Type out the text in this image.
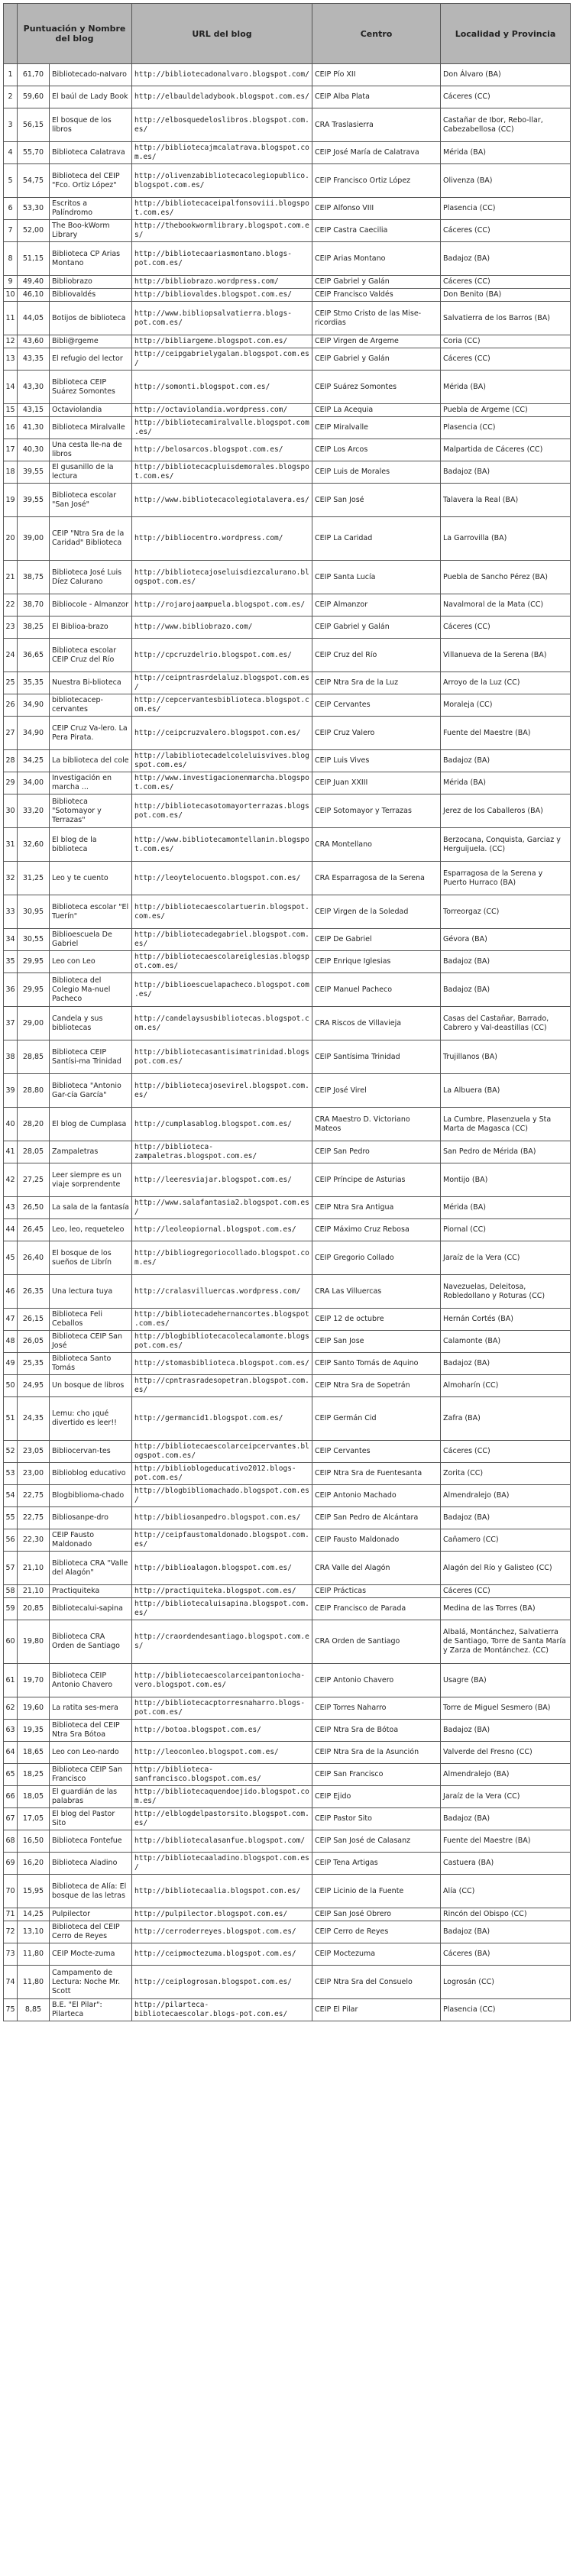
	Puntuación y Nombre del blog		URL del blog	Centro	Localidad y Provincia
1	61,70	Bibliotecado-naIvaro	http://bibliotecadonalvaro.blogspot.com/	CEIP Pío XII	Don Álvaro (BA)
2	59,60	El baúl de Lady Book	http://elbauldeladybook.blogspot.com.es/	CEIP Alba Plata	Cáceres (CC)
3	56,15	El bosque de los libros	http://elbosquedeloslibros.blogspot.com.es/	CRA Traslasierra	Castañar de Ibor, Rebo-llar, Cabezabellosa (CC)
4	55,70	Biblioteca Calatrava	http://bibliotecajmcalatrava.blogspot.com.es/	CEIP José María de Calatrava	Mérida (BA)
5	54,75	Biblioteca del CEIP "Fco. Ortiz López"	http://olivenzabibliotecacolegiopublico.blogspot.com.es/	CEIP Francisco Ortiz López	Olivenza (BA)
6	53,30	Escritos a Palíndromo	http://bibliotecaceipalfonsoviii.blogspot.com.es/	CEIP Alfonso VIII	Plasencia (CC)
7	52,00	The Boo-kWorm Library	http://thebookwormlibrary.blogspot.com.es/	CEIP Castra Caecilia	Cáceres (CC)
8	51,15	Biblioteca CP Arias Montano	http://bibliotecaariasmontano.blogs-pot.com.es/	CEIP Arias Montano	Badajoz (BA)
9	49,40	Bibliobrazo	http://bibliobrazo.wordpress.com/	CEIP Gabriel y Galán	Cáceres (CC)
10	46,10	Bibliovaldés	http://bibliovaldes.blogspot.com.es/	CEIP Francisco Valdés	Don Benito (BA)
11	44,05	Botijos de biblioteca	http://www.bibliopsalvatierra.blogs-pot.com.es/	CEIP Stmo Cristo de las Mise-ricordias	Salvatierra de los Barros (BA)
12	43,60	Bibli@rgeme	http://bibliargeme.blogspot.com.es/	CEIP Virgen de Argeme	Coria (CC)
13	43,35	El refugio del lector	http://ceipgabrielygalan.blogspot.com.es/	CEIP Gabriel y Galán	Cáceres (CC)
14	43,30	Biblioteca CEIP Suárez Somontes	http://somonti.blogspot.com.es/	CEIP Suárez Somontes	Mérida (BA)
15	43,15	Octaviolandia	http://octaviolandia.wordpress.com/	CEIP La Acequia	Puebla de Argeme (CC)
16	41,30	Biblioteca Miralvalle	http://bibliotecamiralvalle.blogspot.com.es/	CEIP Miralvalle	Plasencia (CC)
17	40,30	Una cesta lle-na de libros	http://belosarcos.blogspot.com.es/	CEIP Los Arcos	Malpartida de Cáceres (CC)
18	39,55	El gusanillo de la lectura	http://bibliotecacpluisdemorales.blogspot.com.es/	CEIP Luis de Morales	Badajoz (BA)
19	39,55	Biblioteca escolar "San José"	http://www.bibliotecacolegiotalavera.es/	CEIP San José	Talavera la Real (BA)
20	39,00	CEIP "Ntra Sra de la Caridad" Biblioteca	http://bibliocentro.wordpress.com/	CEIP La Caridad	La Garrovilla (BA)
21	38,75	Biblioteca José Luis Díez Calurano	http://bibliotecajoseluisdiezcalurano.blogspot.com.es/	CEIP Santa Lucía	Puebla de Sancho Pérez (BA)
22	38,70	Bibliocole - Almanzor	http://rojarojaampuela.blogspot.com.es/	CEIP Almanzor	Navalmoral de la Mata (CC)
23	38,25	El Biblioa-brazo	http://www.bibliobrazo.com/	CEIP Gabriel y Galán	Cáceres (CC)
24	36,65	Biblioteca escolar CEIP Cruz del Río	http://cpcruzdelrio.blogspot.com.es/	CEIP Cruz del Río	Villanueva de la Serena (BA)
25	35,35	Nuestra Bi-blioteca	http://ceipntrasrdelaluz.blogspot.com.es/	CEIP Ntra Sra de la Luz	Arroyo de la Luz (CC)
26	34,90	bibliotecacep-cervantes	http://cepcervantesbiblioteca.blogspot.com.es/	CEIP Cervantes	Moraleja (CC)
27	34,90	CEIP Cruz Va-lero. La Pera Pirata.	http://ceipcruzvalero.blogspot.com.es/	CEIP Cruz Valero	Fuente del Maestre (BA)
28	34,25	La biblioteca del cole	http://labibliotecadelcoleluisvives.blogspot.com.es/	CEIP Luis Vives	Badajoz (BA)
29	34,00	Investigación en marcha ...	http://www.investigacionenmarcha.blogspot.com.es/	CEIP Juan XXIII	Mérida (BA)
30	33,20	Biblioteca "Sotomayor y Terrazas"	http://bibliotecasotomayorterrazas.blogspot.com.es/	CEIP Sotomayor y Terrazas	Jerez de los Caballeros (BA)
31	32,60	El blog de la biblioteca	http://www.bibliotecamontellanin.blogspot.com.es/	CRA Montellano	Berzocana, Conquista, Garciaz y Herguijuela. (CC)
32	31,25	Leo y te cuento	http://leoytelocuento.blogspot.com.es/	CRA Esparragosa de la Serena	Esparragosa de la Serena y Puerto Hurraco (BA)
33	30,95	Biblioteca escolar "El Tuerín"	http://bibliotecaescolartuerin.blogspot.com.es/	CEIP Virgen de la Soledad	Torreorgaz (CC)
34	30,55	Biblioescuela De Gabriel	http://bibliotecadegabriel.blogspot.com.es/	CEIP De Gabriel	Gévora (BA)
35	29,95	Leo con Leo	http://bibliotecaescolareiglesias.blogspot.com.es/	CEIP Enrique Iglesias	Badajoz (BA)
36	29,95	Biblioteca del Colegio Ma-nuel Pacheco	http://biblioescuelapacheco.blogspot.com.es/	CEIP Manuel Pacheco	Badajoz (BA)
37	29,00	Candela y sus bibliotecas	http://candelaysusbibliotecas.blogspot.com.es/	CRA Riscos de Villavieja	Casas del Castañar, Barrado, Cabrero y Val-deastillas (CC)
38	28,85	Biblioteca CEIP Santísi-ma Trinidad	http://bibliotecasantisimatrinidad.blogspot.com.es/	CEIP Santísima Trinidad	Trujillanos (BA)
39	28,80	Biblioteca "Antonio Gar-cía García"	http://bibliotecajosevirel.blogspot.com.es/	CEIP José Virel	La Albuera (BA)
40	28,20	El blog de Cumplasa	http://cumplasablog.blogspot.com.es/	CRA Maestro D. Victoriano Mateos	La Cumbre, Plasenzuela y Sta Marta de Magasca (CC)
41	28,05	Zampaletras	http://biblioteca-zampaletras.blogspot.com.es/	CEIP San Pedro	San Pedro de Mérida (BA)
42	27,25	Leer siempre es un viaje sorprendente	http://leeresviajar.blogspot.com.es/	CEIP Príncipe de Asturias	Montijo (BA)
43	26,50	La sala de la fantasía	http://www.salafantasia2.blogspot.com.es/	CEIP Ntra Sra Antigua	Mérida (BA)
44	26,45	Leo, leo, requeteleo	http://leoleopiornal.blogspot.com.es/	CEIP Máximo Cruz Rebosa	Piornal (CC)
45	26,40	El bosque de los sueños de Librín	http://bibliogregoriocollado.blogspot.com.es/	CEIP Gregorio Collado	Jaraíz de la Vera (CC)
46	26,35	Una lectura tuya	http://cralasvilluercas.wordpress.com/	CRA Las Villuercas	Navezuelas, Deleitosa, Robledollano y Roturas (CC)
47	26,15	Biblioteca Feli Ceballos	http://bibliotecadehernancortes.blogspot.com.es/	CEIP 12 de octubre	Hernán Cortés (BA)
48	26,05	Biblioteca CEIP San José	http://blogbibliotecacolecalamonte.blogspot.com.es/	CEIP San Jose	Calamonte (BA)
49	25,35	Biblioteca Santo Tomás	http://stomasbiblioteca.blogspot.com.es/	CEIP Santo Tomás de Aquino	Badajoz (BA)
50	24,95	Un bosque de libros	http://cpntrasradesopetran.blogspot.com.es/	CEIP Ntra Sra de Sopetrán	Almoharín (CC)
51	24,35	Lemu: cho ¡qué divertido es leer!!	http://germancid1.blogspot.com.es/	CEIP Germán Cid	Zafra (BA)
52	23,05	Bibliocervan-tes	http://bibliotecaescolarceipcervantes.blogspot.com.es/	CEIP Cervantes	Cáceres (CC)
53	23,00	Biblioblog educativo	http://biblioblogeducativo2012.blogs-pot.com.es/	CEIP Ntra Sra de Fuentesanta	Zorita (CC)
54	22,75	Blogbiblioma-chado	http://blogbibliomachado.blogspot.com.es/	CEIP Antonio Machado	Almendralejo (BA)
55	22,75	Bibliosanpe-dro	http://bibliosanpedro.blogspot.com.es/	CEIP San Pedro de Alcántara	Badajoz (BA)
56	22,30	CEIP Fausto Maldonado	http://ceipfaustomaldonado.blogspot.com.es/	CEIP Fausto Maldonado	Cañamero (CC)
57	21,10	Biblioteca CRA "Valle del Alagón"	http://biblioalagon.blogspot.com.es/	CRA Valle del Alagón	Alagón del Río y Galisteo (CC)
58	21,10	Practiquiteka	http://practiquiteka.blogspot.com.es/	CEIP Prácticas	Cáceres (CC)
59	20,85	Bibliotecalui-sapina	http://bibliotecaluisapina.blogspot.com.es/	CEIP Francisco de Parada	Medina de las Torres (BA)
60	19,80	Biblioteca CRA Orden de Santiago	http://craordendesantiago.blogspot.com.es/	CRA Orden de Santiago	Albalá, Montánchez, Salvatierra de Santiago, Torre de Santa María y Zarza de Montánchez. (CC)
61	19,70	Biblioteca CEIP Antonio Chavero	http://bibliotecaescolarceipantoniocha-vero.blogspot.com.es/	CEIP Antonio Chavero	Usagre (BA)
62	19,60	La ratita ses-mera	http://bibliotecacptorresnaharro.blogs-pot.com.es/	CEIP Torres Naharro	Torre de Miguel Sesmero (BA)
63	19,35	Biblioteca del CEIP Ntra Sra Bótoa	http://botoa.blogspot.com.es/	CEIP Ntra Sra de Bótoa	Badajoz (BA)
64	18,65	Leo con Leo-nardo	http://leoconleo.blogspot.com.es/	CEIP Ntra Sra de la Asunción	Valverde del Fresno (CC)
65	18,25	Biblioteca CEIP San Francisco	http://biblioteca-sanfrancisco.blogspot.com.es/	CEIP San Francisco	Almendralejo (BA)
66	18,05	El guardián de las palabras	http://bibliotecaquendoejido.blogspot.com.es/	CEIP Ejido	Jaraíz de la Vera (CC)
67	17,05	El blog del Pastor Sito	http://elblogdelpastorsito.blogspot.com.es/	CEIP Pastor Sito	Badajoz (BA)
68	16,50	Biblioteca Fontefue	http://bibliotecalasanfue.blogspot.com/	CEIP San José de Calasanz	Fuente del Maestre (BA)
69	16,20	Biblioteca Aladino	http://bibliotecaaladino.blogspot.com.es/	CEIP Tena Artigas	Castuera (BA)
70	15,95	Biblioteca de Alía: El bosque de las letras	http://bibliotecaalia.blogspot.com.es/	CEIP Licinio de la Fuente	Alía (CC)
71	14,25	Pulpilector	http://pulpilector.blogspot.com.es/	CEIP San José Obrero	Rincón del Obispo (CC)
72	13,10	Biblioteca del CEIP Cerro de Reyes	http://cerroderreyes.blogspot.com.es/	CEIP Cerro de Reyes	Badajoz (BA)
73	11,80	CEIP Mocte-zuma	http://ceipmoctezuma.blogspot.com.es/	CEIP Moctezuma	Cáceres (BA)
74	11,80	Campamento de Lectura: Noche Mr. Scott	http://ceiplogrosan.blogspot.com.es/	CEIP Ntra Sra del Consuelo	Logrosán (CC)
75	8,85	B.E. "El Pilar": Pilarteca	http://pilarteca-bibliotecaescolar.blogs-pot.com.es/	CEIP El Pilar	Plasencia (CC)
